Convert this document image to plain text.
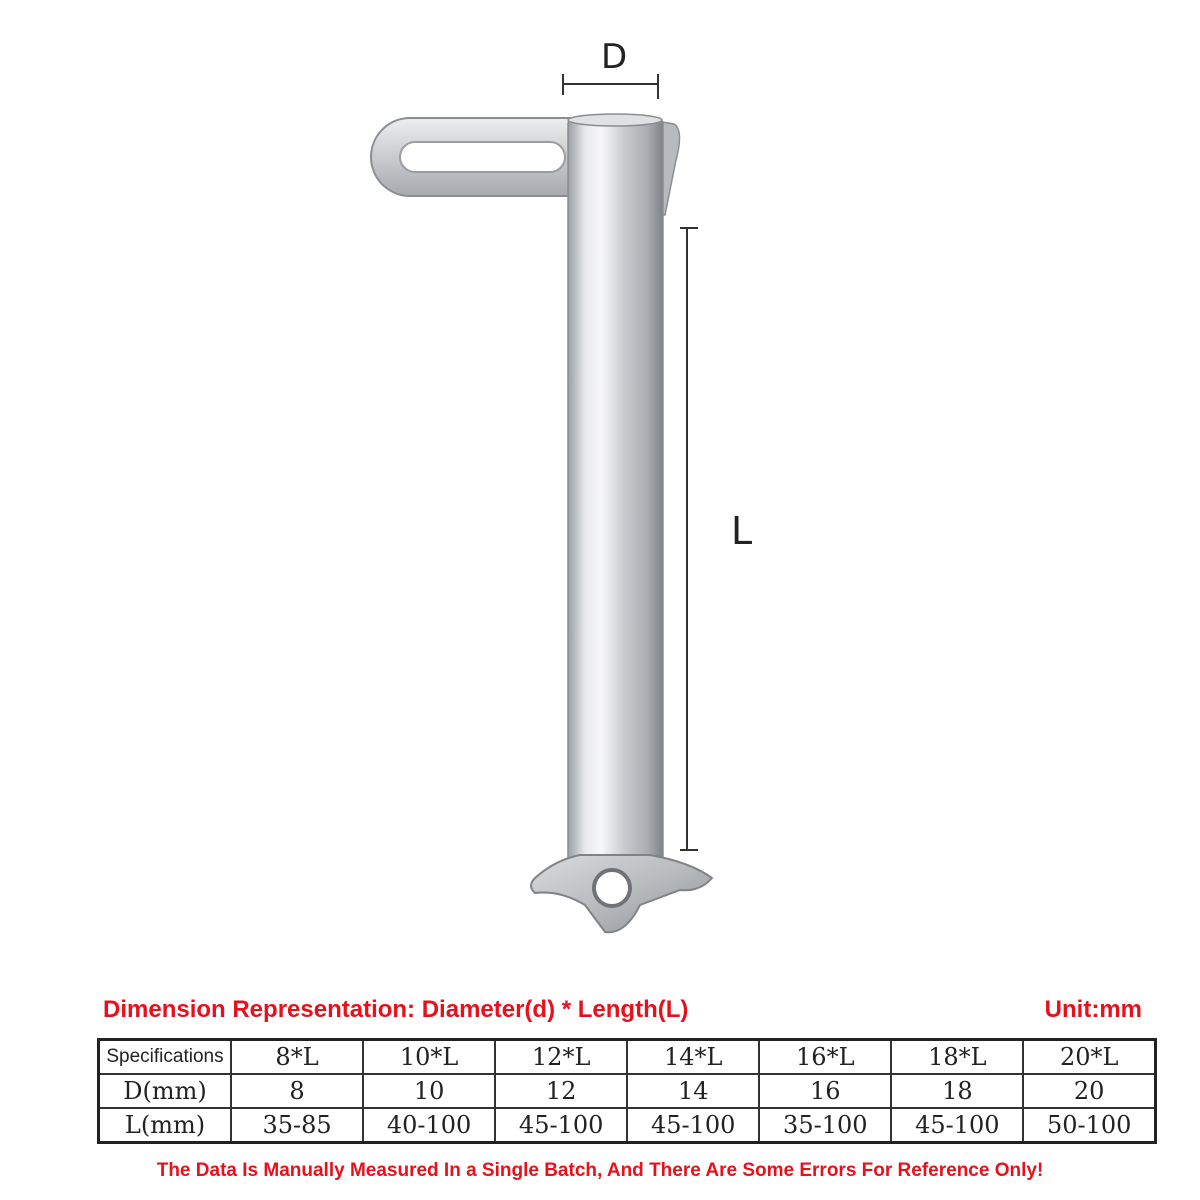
D
L
Dimension Representation: Diameter(d) * Length(L)	Unit:mm
Specifications	8*L	10*L	12*L	14*L	16*L	18*L	20*L
D(mm)	8	10	12	14	16	18	20
L(mm)	35-85	40-100	45-100	45-100	35-100	45-100	50-100
The Data Is Manually Measured In a Single Batch, And There Are Some Errors For Reference Only!
